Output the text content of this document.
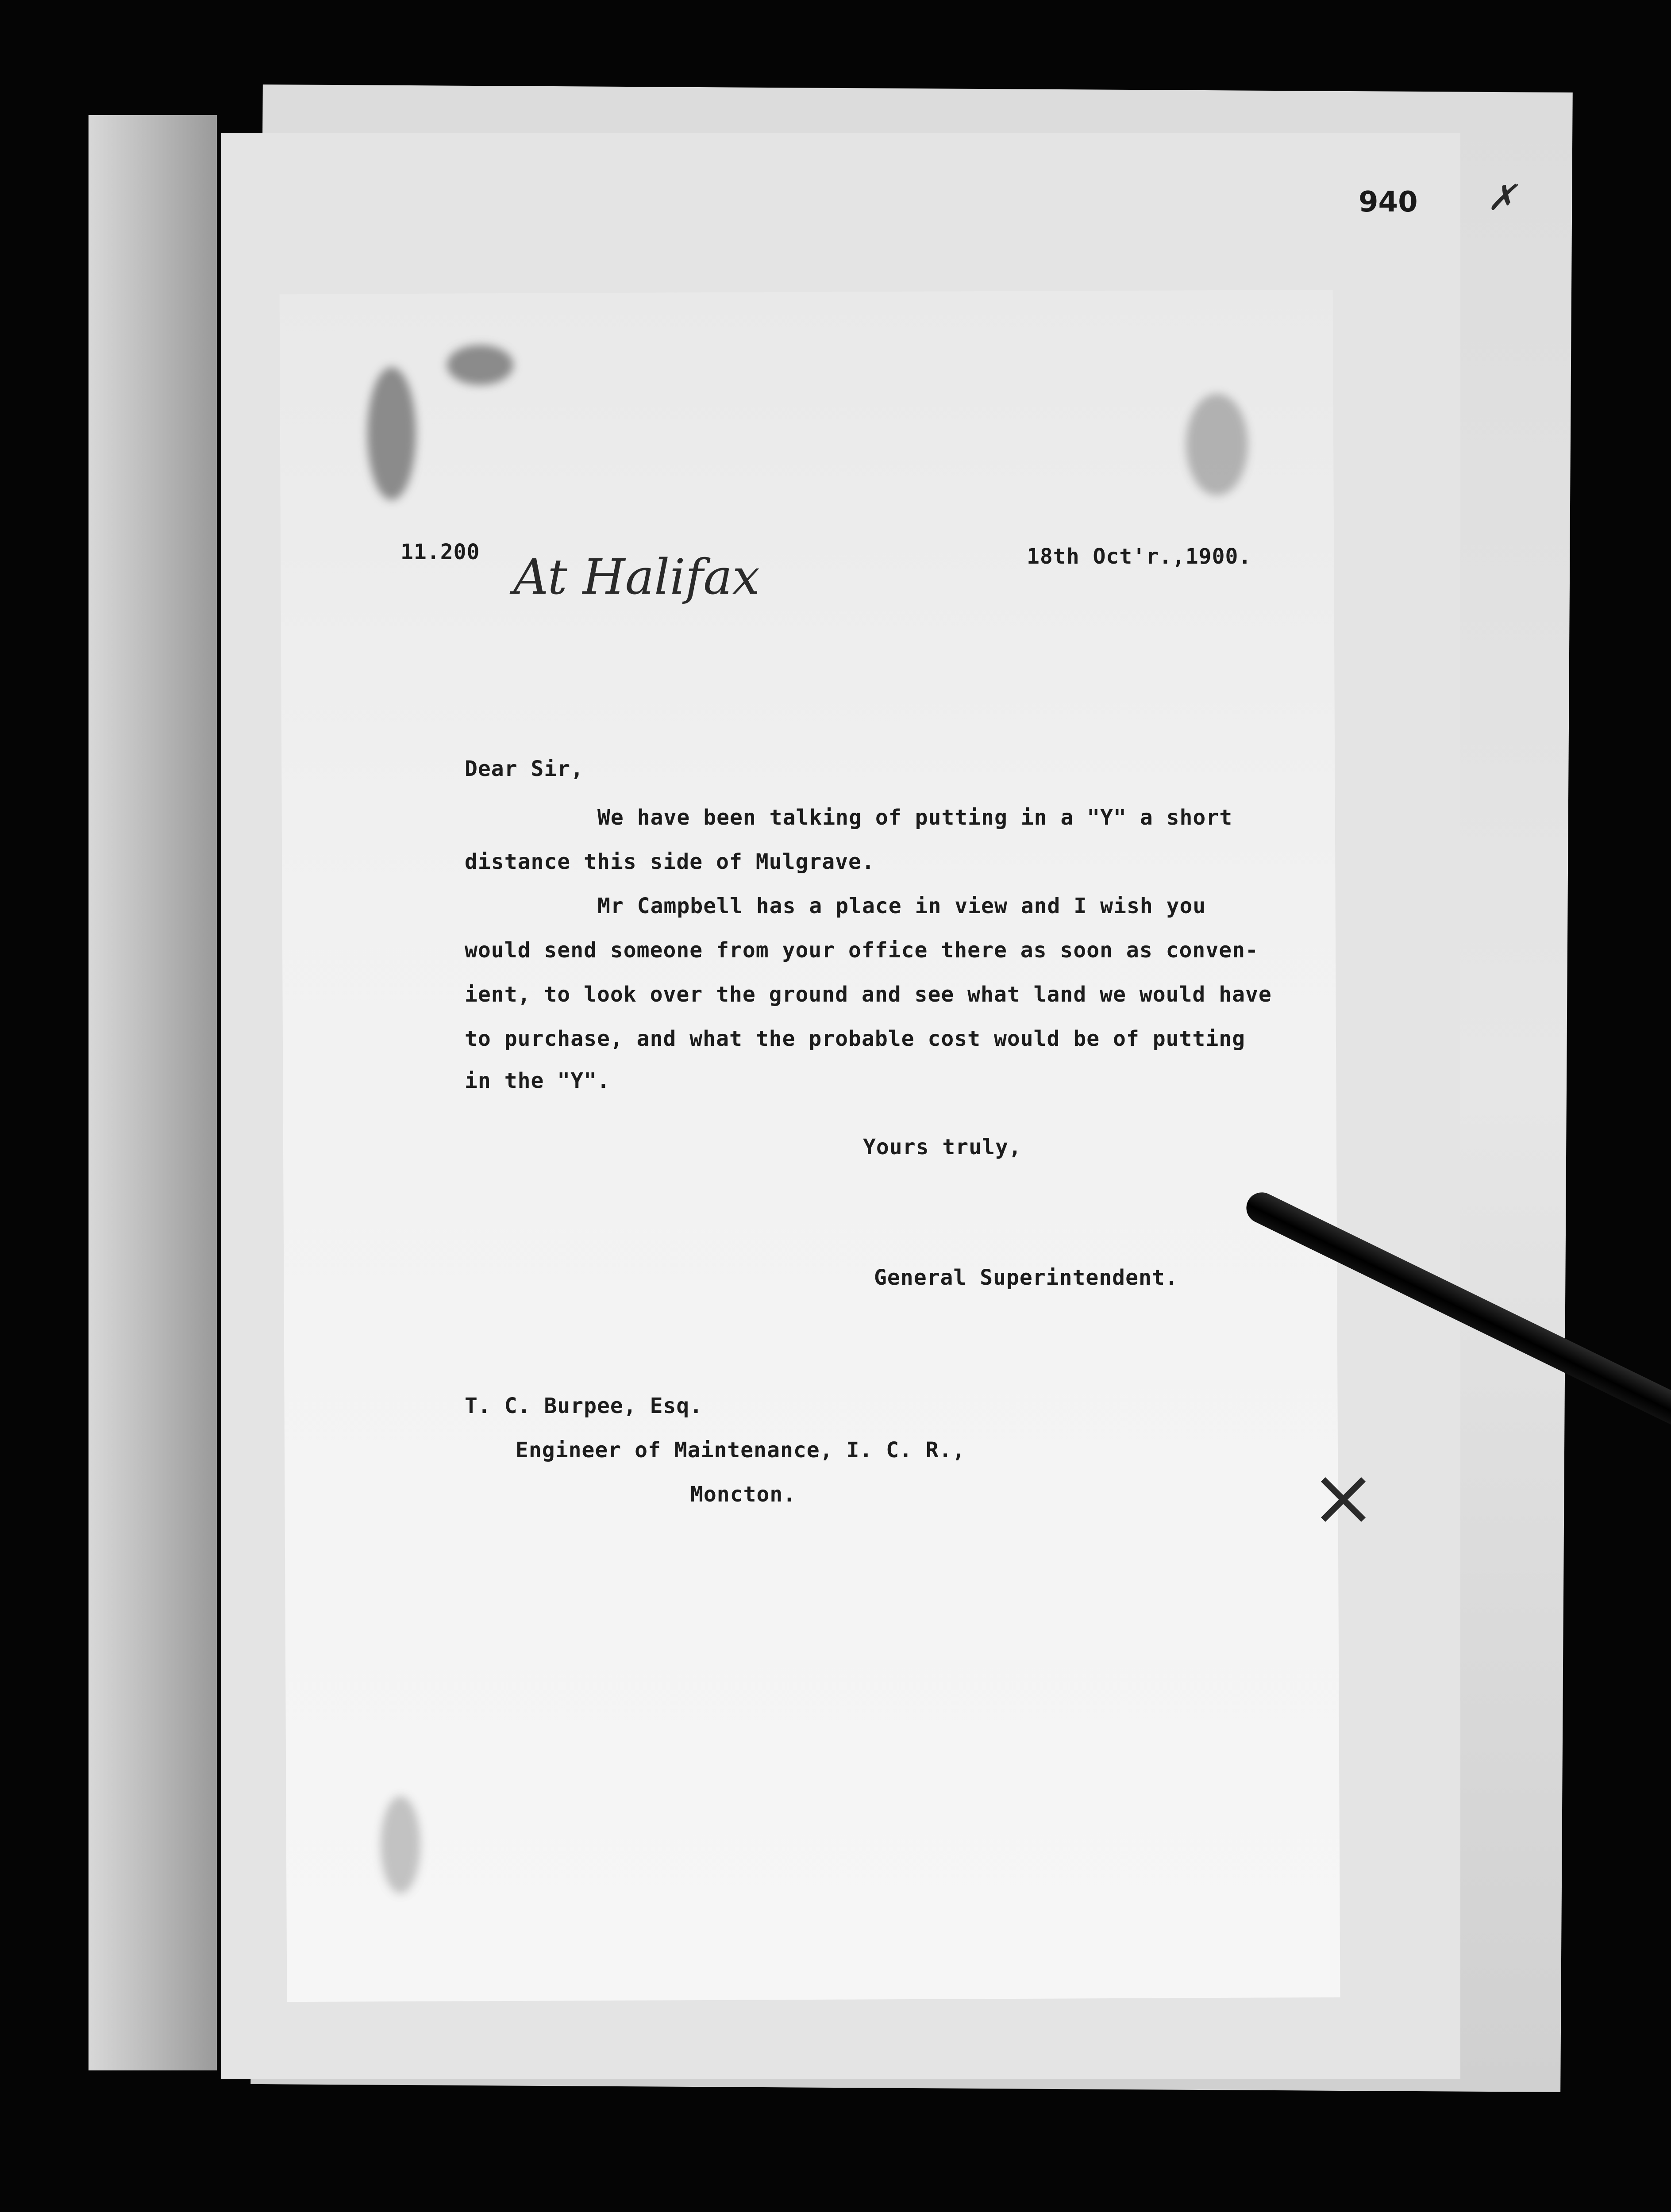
940 ✗
11.200 At Halifax	18th Oct'r.,1900.
Dear Sir,
We have been talking of putting in a "Y" a short
distance this side of Mulgrave.
Mr Campbell has a place in view and I wish you
would send someone from your office there as soon as conven-
ient, to look over the ground and see what land we would have
to purchase, and what the probable cost would be of putting
in the "Y".
Yours truly,
General Superintendent.
T. C. Burpee, Esq.
Engineer of Maintenance, I. C. R.,
Moncton.	⨯
